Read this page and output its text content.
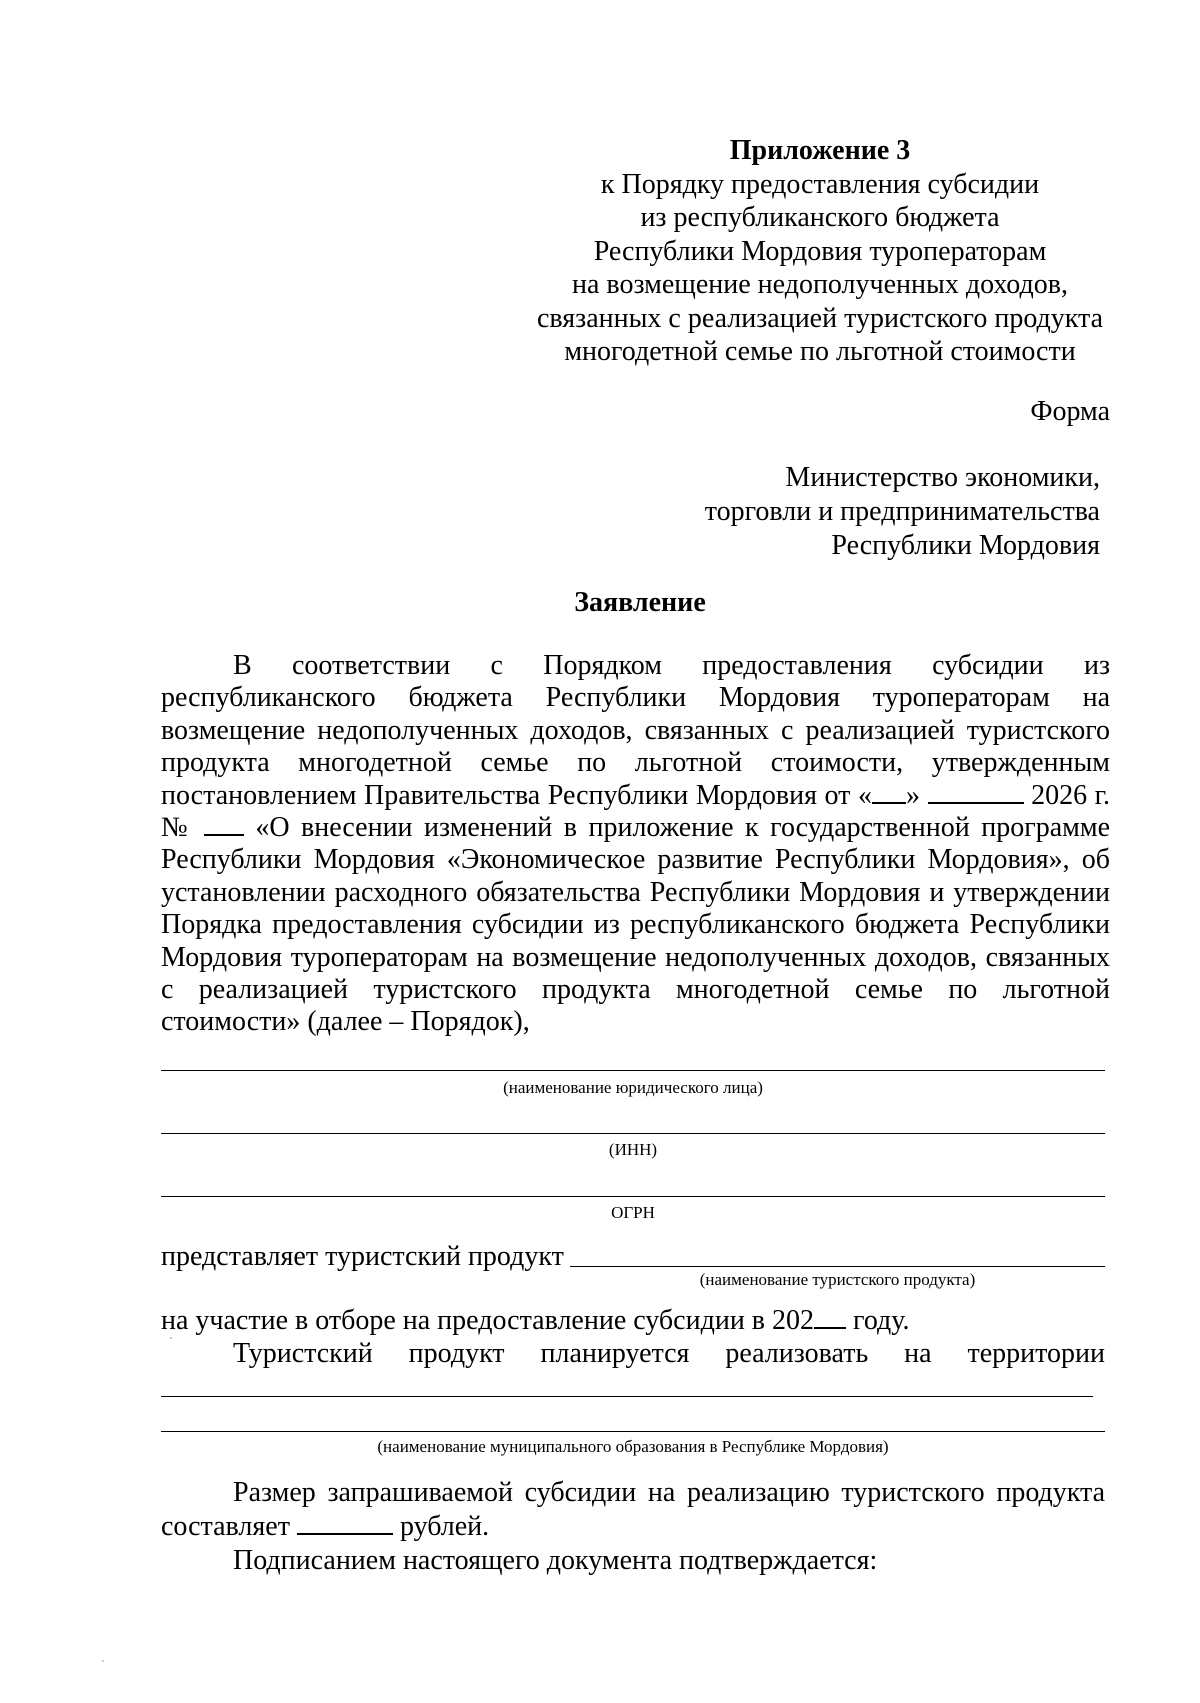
Приложение 3
к Порядку предоставления субсидии
из республиканского бюджета
Республики Мордовия туроператорам
на возмещение недополученных доходов,
связанных с реализацией туристского продукта
многодетной семье по льготной стоимости
Форма
Министерство экономики,
торговли и предпринимательства
Республики Мордовия
Заявление
В соответствии с Порядком предоставления субсидии из республиканского бюджета Республики Мордовия туроператорам на возмещение недополученных доходов, связанных с реализацией туристского продукта многодетной семье по льготной стоимости, утвержденным постановлением Правительства Республики Мордовия от « »	2026 г. № «О внесении изменений в приложение к государственной программе Республики Мордовия «Экономическое развитие Республики Мордовия», об установлении расходного обязательства Республики Мордовия и утверждении Порядка предоставления субсидии из республиканского бюджета Республики Мордовия туроператорам на возмещение недополученных доходов, связанных с реализацией туристского продукта многодетной семье по льготной стоимости» (далее – Порядок),
(наименование юридического лица)
(ИНН)
ОГРН
представляет туристский продукт
(наименование туристского продукта)
на участие в отборе на предоставление субсидии в 202 году.
Туристский продукт планируется реализовать на территории
(наименование муниципального образования в Республике Мордовия)
Размер запрашиваемой субсидии на реализацию туристского продукта
составляет	рублей.
Подписанием настоящего документа подтверждается:
